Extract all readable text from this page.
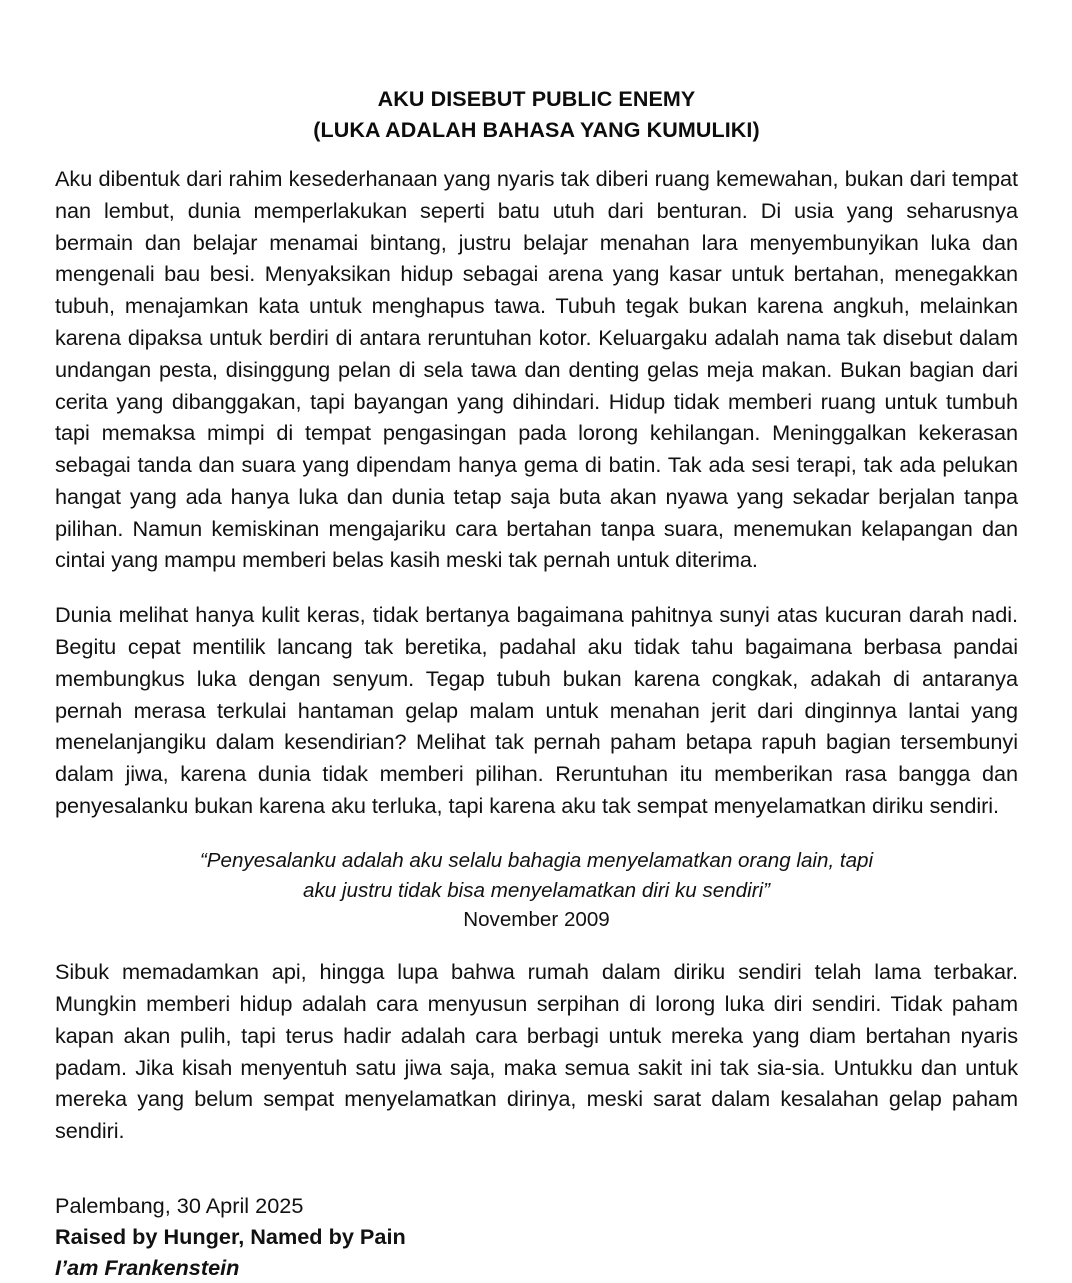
AKU DISEBUT PUBLIC ENEMY
(LUKA ADALAH BAHASA YANG KUMULIKI)

Aku dibentuk dari rahim kesederhanaan yang nyaris tak diberi ruang kemewahan, bukan dari tempat nan lembut, dunia memperlakukan seperti batu utuh dari benturan. Di usia yang seharusnya bermain dan belajar menamai bintang, justru belajar menahan lara menyembunyikan luka dan mengenali bau besi. Menyaksikan hidup sebagai arena yang kasar untuk bertahan, menegakkan tubuh, menajamkan kata untuk menghapus tawa. Tubuh tegak bukan karena angkuh, melainkan karena dipaksa untuk berdiri di antara reruntuhan kotor. Keluargaku adalah nama tak disebut dalam undangan pesta, disinggung pelan di sela tawa dan denting gelas meja makan. Bukan bagian dari cerita yang dibanggakan, tapi bayangan yang dihindari. Hidup tidak memberi ruang untuk tumbuh tapi memaksa mimpi di tempat pengasingan pada lorong kehilangan. Meninggalkan kekerasan sebagai tanda dan suara yang dipendam hanya gema di batin. Tak ada sesi terapi, tak ada pelukan hangat yang ada hanya luka dan dunia tetap saja buta akan nyawa yang sekadar berjalan tanpa pilihan. Namun kemiskinan mengajariku cara bertahan tanpa suara, menemukan kelapangan dan cintai yang mampu memberi belas kasih meski tak pernah untuk diterima.

Dunia melihat hanya kulit keras, tidak bertanya bagaimana pahitnya sunyi atas kucuran darah nadi. Begitu cepat mentilik lancang tak beretika, padahal aku tidak tahu bagaimana berbasa pandai membungkus luka dengan senyum. Tegap tubuh bukan karena congkak, adakah di antaranya pernah merasa terkulai hantaman gelap malam untuk menahan jerit dari dinginnya lantai yang menelanjangiku dalam kesendirian? Melihat tak pernah paham betapa rapuh bagian tersembunyi dalam jiwa, karena dunia tidak memberi pilihan. Reruntuhan itu memberikan rasa bangga dan penyesalanku bukan karena aku terluka, tapi karena aku tak sempat menyelamatkan diriku sendiri.

“Penyesalanku adalah aku selalu bahagia menyelamatkan orang lain, tapi
aku justru tidak bisa menyelamatkan diri ku sendiri”
November 2009

Sibuk memadamkan api, hingga lupa bahwa rumah dalam diriku sendiri telah lama terbakar. Mungkin memberi hidup adalah cara menyusun serpihan di lorong luka diri sendiri. Tidak paham kapan akan pulih, tapi terus hadir adalah cara berbagi untuk mereka yang diam bertahan nyaris padam. Jika kisah menyentuh satu jiwa saja, maka semua sakit ini tak sia-sia. Untukku dan untuk mereka yang belum sempat menyelamatkan dirinya, meski sarat dalam kesalahan gelap paham sendiri.

Palembang, 30 April 2025
Raised by Hunger, Named by Pain
I’am Frankenstein
